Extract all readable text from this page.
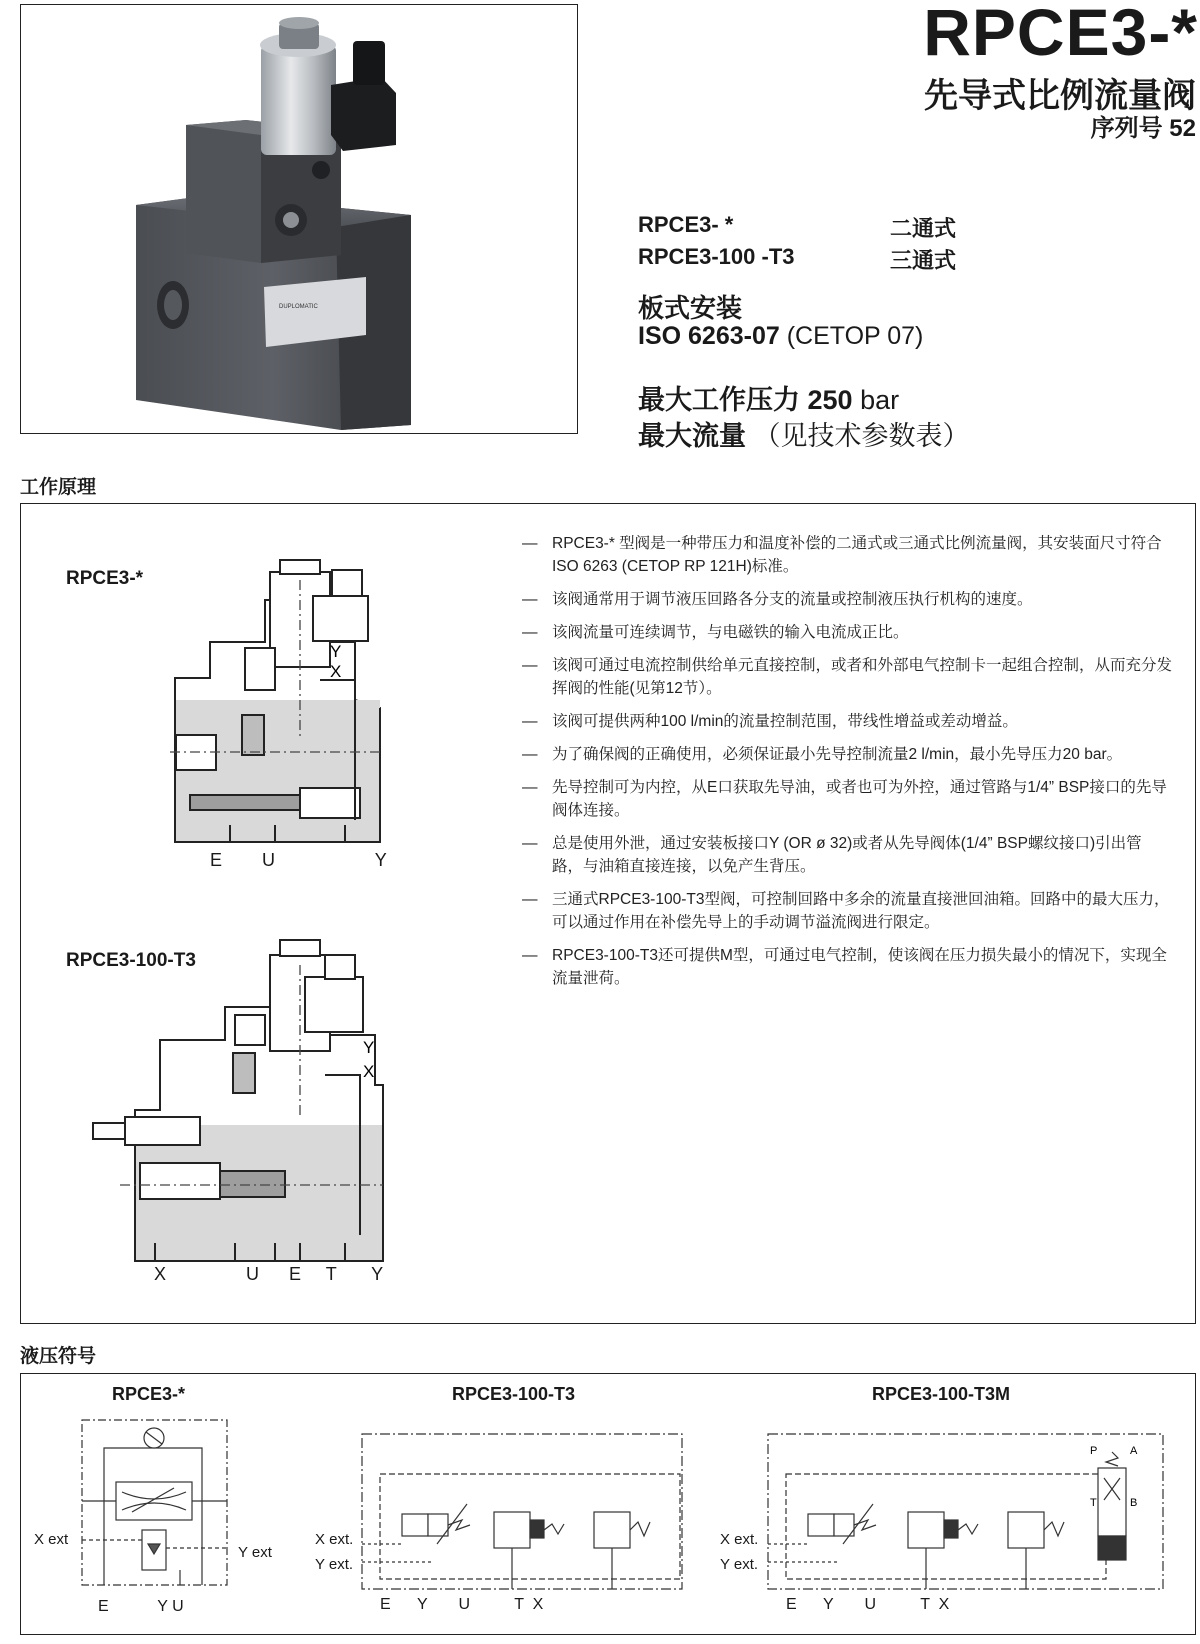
DUPLOMATIC
RPCE3-*
先导式比例流量阀
序列号 52
RPCE3- *	二通式
RPCE3-100 -T3	三通式
板式安装
ISO 6263-07 (CETOP 07)
最大工作压力 250 bar
最大流量 （见技术参数表）
工作原理
RPCE3-*
RPCE3-100-T3
Y
X
E        U                    Y
Y
X
X                U      E     T       Y
— RPCE3-* 型阀是一种带压力和温度补偿的二通式或三通式比例流量阀，其安装面尺寸符合ISO 6263 (CETOP RP 121H)标准。
— 该阀通常用于调节液压回路各分支的流量或控制液压执行机构的速度。
— 该阀流量可连续调节，与电磁铁的输入电流成正比。
— 该阀可通过电流控制供给单元直接控制，或者和外部电气控制卡一起组合控制，从而充分发挥阀的性能(见第12节）。
— 该阀可提供两种100 l/min的流量控制范围，带线性增益或差动增益。
— 为了确保阀的正确使用，必须保证最小先导控制流量2 l/min，最小先导压力20 bar。
— 先导控制可为内控，从E口获取先导油，或者也可为外控，通过管路与1/4” BSP接口的先导阀体连接。
— 总是使用外泄，通过安装板接口Y (OR ø 32)或者从先导阀体(1/4” BSP螺纹接口)引出管路，与油箱直接连接，以免产生背压。
— 三通式RPCE3-100-T3型阀，可控制回路中多余的流量直接泄回油箱。回路中的最大压力，可以通过作用在补偿先导上的手动调节溢流阀进行限定。
— RPCE3-100-T3还可提供M型，可通过电气控制，使该阀在压力损失最小的情况下，实现全流量泄荷。
液压符号
RPCE3-*	RPCE3-100-T3	RPCE3-100-T3M
X ext
Y ext
E           Y U
X ext.
Y ext.
E      Y       U          T  X
P	A
T	B
X ext.
Y ext.
E      Y       U          T  X
